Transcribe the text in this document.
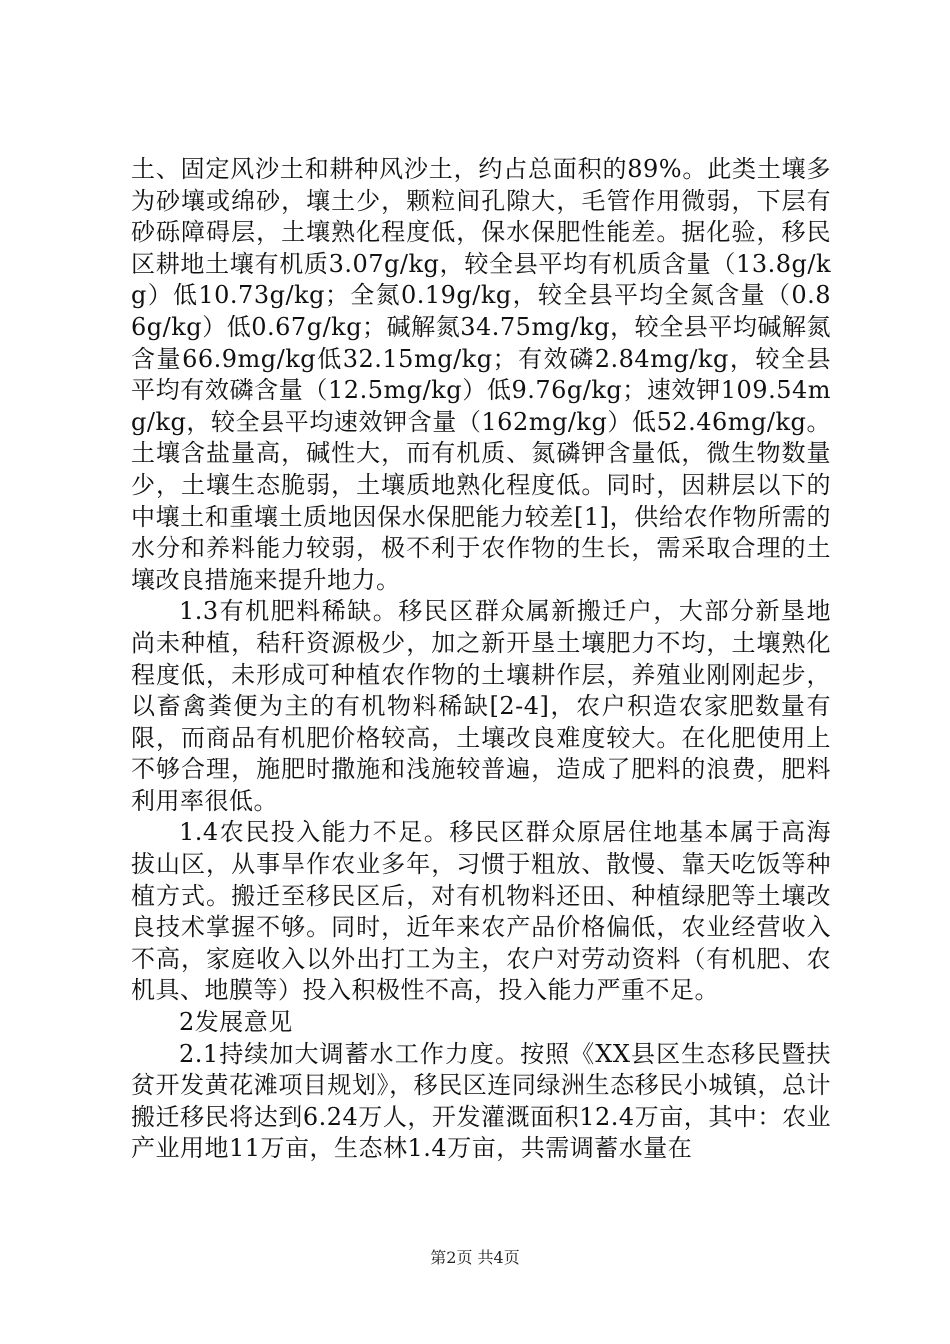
土、固定风沙土和耕种风沙土，约占总面积的89%。此类土壤多为砂壤或绵砂，壤土少，颗粒间孔隙大，毛管作用微弱，下层有砂砾障碍层，土壤熟化程度低，保水保肥性能差。据化验，移民区耕地土壤有机质3.07g/kg，较全县平均有机质含量（13.8g/kg）低10.73g/kg；全氮0.19g/kg，较全县平均全氮含量（0.86g/kg）低0.67g/kg；碱解氮34.75mg/kg，较全县平均碱解氮含量66.9mg/kg低32.15mg/kg；有效磷2.84mg/kg，较全县平均有效磷含量（12.5mg/kg）低9.76g/kg；速效钾109.54mg/kg，较全县平均速效钾含量（162mg/kg）低52.46mg/kg。土壤含盐量高，碱性大，而有机质、氮磷钾含量低，微生物数量少，土壤生态脆弱，土壤质地熟化程度低。同时，因耕层以下的中壤土和重壤土质地因保水保肥能力较差[1]，供给农作物所需的水分和养料能力较弱，极不利于农作物的生长，需采取合理的土壤改良措施来提升地力。

1.3有机肥料稀缺。移民区群众属新搬迁户，大部分新垦地尚未种植，秸秆资源极少，加之新开垦土壤肥力不均，土壤熟化程度低，未形成可种植农作物的土壤耕作层，养殖业刚刚起步，以畜禽粪便为主的有机物料稀缺[2-4]，农户积造农家肥数量有限，而商品有机肥价格较高，土壤改良难度较大。在化肥使用上不够合理，施肥时撒施和浅施较普遍，造成了肥料的浪费，肥料利用率很低。

1.4农民投入能力不足。移民区群众原居住地基本属于高海拔山区，从事旱作农业多年，习惯于粗放、散慢、靠天吃饭等种植方式。搬迁至移民区后，对有机物料还田、种植绿肥等土壤改良技术掌握不够。同时，近年来农产品价格偏低，农业经营收入不高，家庭收入以外出打工为主，农户对劳动资料（有机肥、农机具、地膜等）投入积极性不高，投入能力严重不足。

2发展意见

2.1持续加大调蓄水工作力度。按照《XX县区生态移民暨扶贫开发黄花滩项目规划》，移民区连同绿洲生态移民小城镇，总计搬迁移民将达到6.24万人，开发灌溉面积12.4万亩，其中：农业产业用地11万亩，生态林1.4万亩，共需调蓄水量在

第2页 共4页
